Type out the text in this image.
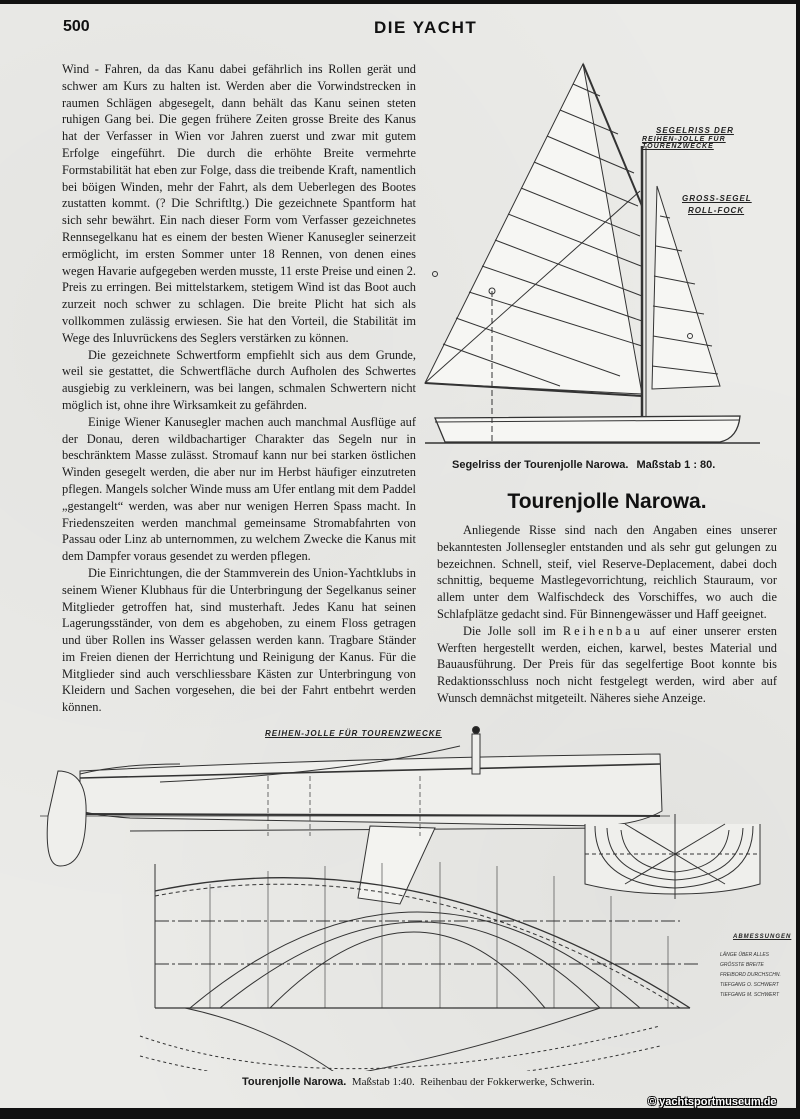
500	DIE YACHT

Wind - Fahren, da das Kanu dabei gefährlich ins Rollen gerät und schwer am Kurs zu halten ist. Werden aber die Vorwindstrecken in raumen Schlägen abgesegelt, dann behält das Kanu seinen steten ruhigen Gang bei. Die gegen frühere Zeiten grosse Breite des Kanus hat der Verfasser in Wien vor Jahren zuerst und zwar mit gutem Erfolge eingeführt. Die durch die erhöhte Breite vermehrte Formstabilität hat eben zur Folge, dass die treibende Kraft, namentlich bei böigen Winden, mehr der Fahrt, als dem Ueberlegen des Bootes zustatten kommt. (? Die Schriftltg.) Die gezeichnete Spantform hat sich sehr bewährt. Ein nach dieser Form vom Verfasser gezeichnetes Rennsegelkanu hat es einem der besten Wiener Kanusegler seinerzeit ermöglicht, im ersten Sommer unter 18 Rennen, von denen eines wegen Havarie aufgegeben werden musste, 11 erste Preise und einen 2. Preis zu erringen. Bei mittelstarkem, stetigem Wind ist das Boot auch zurzeit noch schwer zu schlagen. Die breite Plicht hat sich als vollkommen zulässig erwiesen. Sie hat den Vorteil, die Stabilität im Wege des Inluvrückens des Seglers verstärken zu können.

Die gezeichnete Schwertform empfiehlt sich aus dem Grunde, weil sie gestattet, die Schwertfläche durch Aufholen des Schwertes ausgiebig zu verkleinern, was bei langen, schmalen Schwertern nicht möglich ist, ohne ihre Wirksamkeit zu gefährden.

Einige Wiener Kanusegler machen auch manchmal Ausflüge auf der Donau, deren wildbachartiger Charakter das Segeln nur in beschränktem Masse zulässt. Stromauf kann nur bei starken östlichen Winden gesegelt werden, die aber nur im Herbst häufiger einzutreten pflegen. Mangels solcher Winde muss am Ufer entlang mit dem Paddel „gestangelt“ werden, was aber nur wenigen Herren Spass macht. In Friedenszeiten werden manchmal gemeinsame Stromabfahrten von Passau oder Linz ab unternommen, zu welchem Zwecke die Kanus mit dem Dampfer voraus gesendet zu werden pflegen.

Die Einrichtungen, die der Stammverein des Union-Yachtklubs in seinem Wiener Klubhaus für die Unterbringung der Segelkanus seiner Mitglieder getroffen hat, sind musterhaft. Jedes Kanu hat seinen Lagerungsständer, von dem es abgehoben, zu einem Floss getragen und über Rollen ins Wasser gelassen werden kann. Tragbare Ständer im Freien dienen der Herrichtung und Reinigung der Kanus. Für die Mitglieder sind auch verschliessbare Kästen zur Unterbringung von Kleidern und Sachen vorgesehen, die bei der Fahrt entbehrt werden können.

SEGELRISS DER
REIHEN-JOLLE FÜR TOURENZWECKE
GROSS-SEGEL
ROLL-FOCK
Segelriss der Tourenjolle Narowa. Maßstab 1 : 80.
Tourenjolle Narowa.

Anliegende Risse sind nach den Angaben eines unserer bekanntesten Jollensegler entstanden und als sehr gut gelungen zu bezeichnen. Schnell, steif, viel Reserve-Deplacement, dabei doch schnittig, bequeme Mastlegevorrichtung, reichlich Stauraum, vor allem unter dem Walfischdeck des Vorschiffes, wo auch die Schlafplätze gedacht sind. Für Binnengewässer und Haff geeignet.

Die Jolle soll im Reihenbau auf einer unserer ersten Werften hergestellt werden, eichen, karwel, bestes Material und Bauausführung. Der Preis für das segelfertige Boot konnte bis Redaktionsschluss noch nicht festgelegt werden, wird aber auf Wunsch demnächst mitgeteilt. Näheres siehe Anzeige.

REIHEN-JOLLE FÜR TOURENZWECKE
ABMESSUNGEN
LÄNGE ÜBER ALLES
GRÖSSTE BREITE
FREIBORD DURCHSCHN.
TIEFGANG O. SCHWERT
TIEFGANG M. SCHWERT
Tourenjolle Narowa. Maßstab 1:40. Reihenbau der Fokkerwerke, Schwerin.
© yachtsportmuseum.de
